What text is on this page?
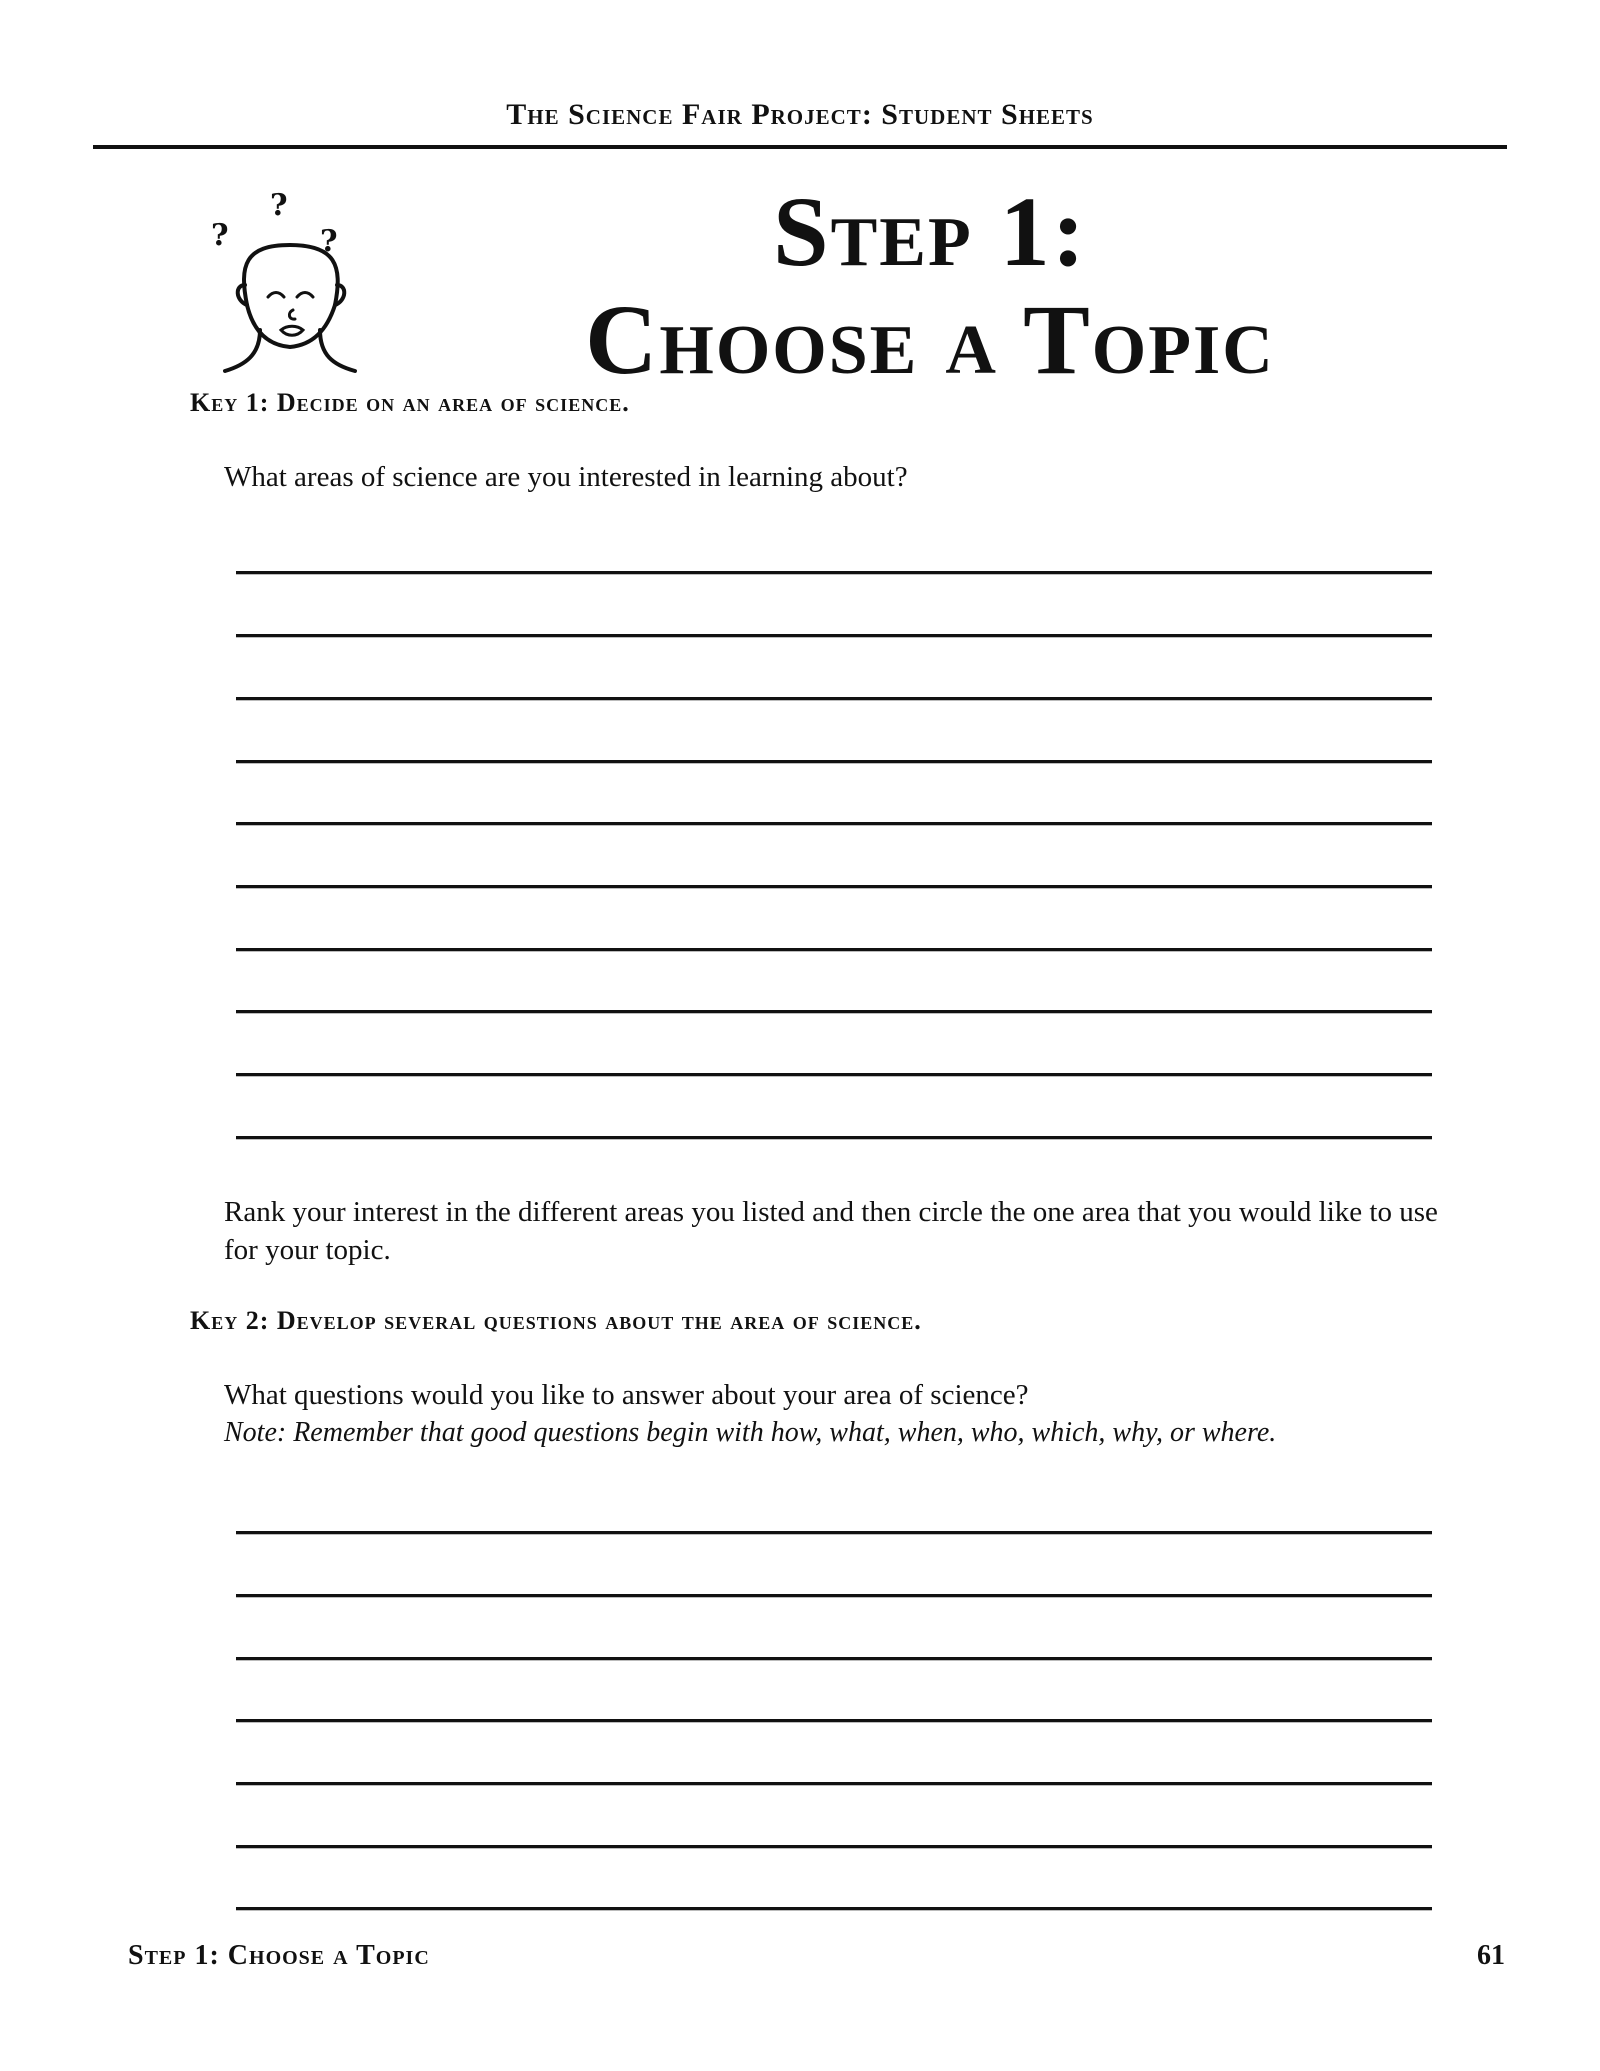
The Science Fair Project: Student Sheets
?
?	?	Step 1:
Choose a Topic
Key 1: Decide on an area of science.
What areas of science are you interested in learning about?
Rank your interest in the different areas you listed and then circle the one area that you would like to use for your topic.
Key 2: Develop several questions about the area of science.
What questions would you like to answer about your area of science?
Note: Remember that good questions begin with how, what, when, who, which, why, or where.
Step 1: Choose a Topic	61
